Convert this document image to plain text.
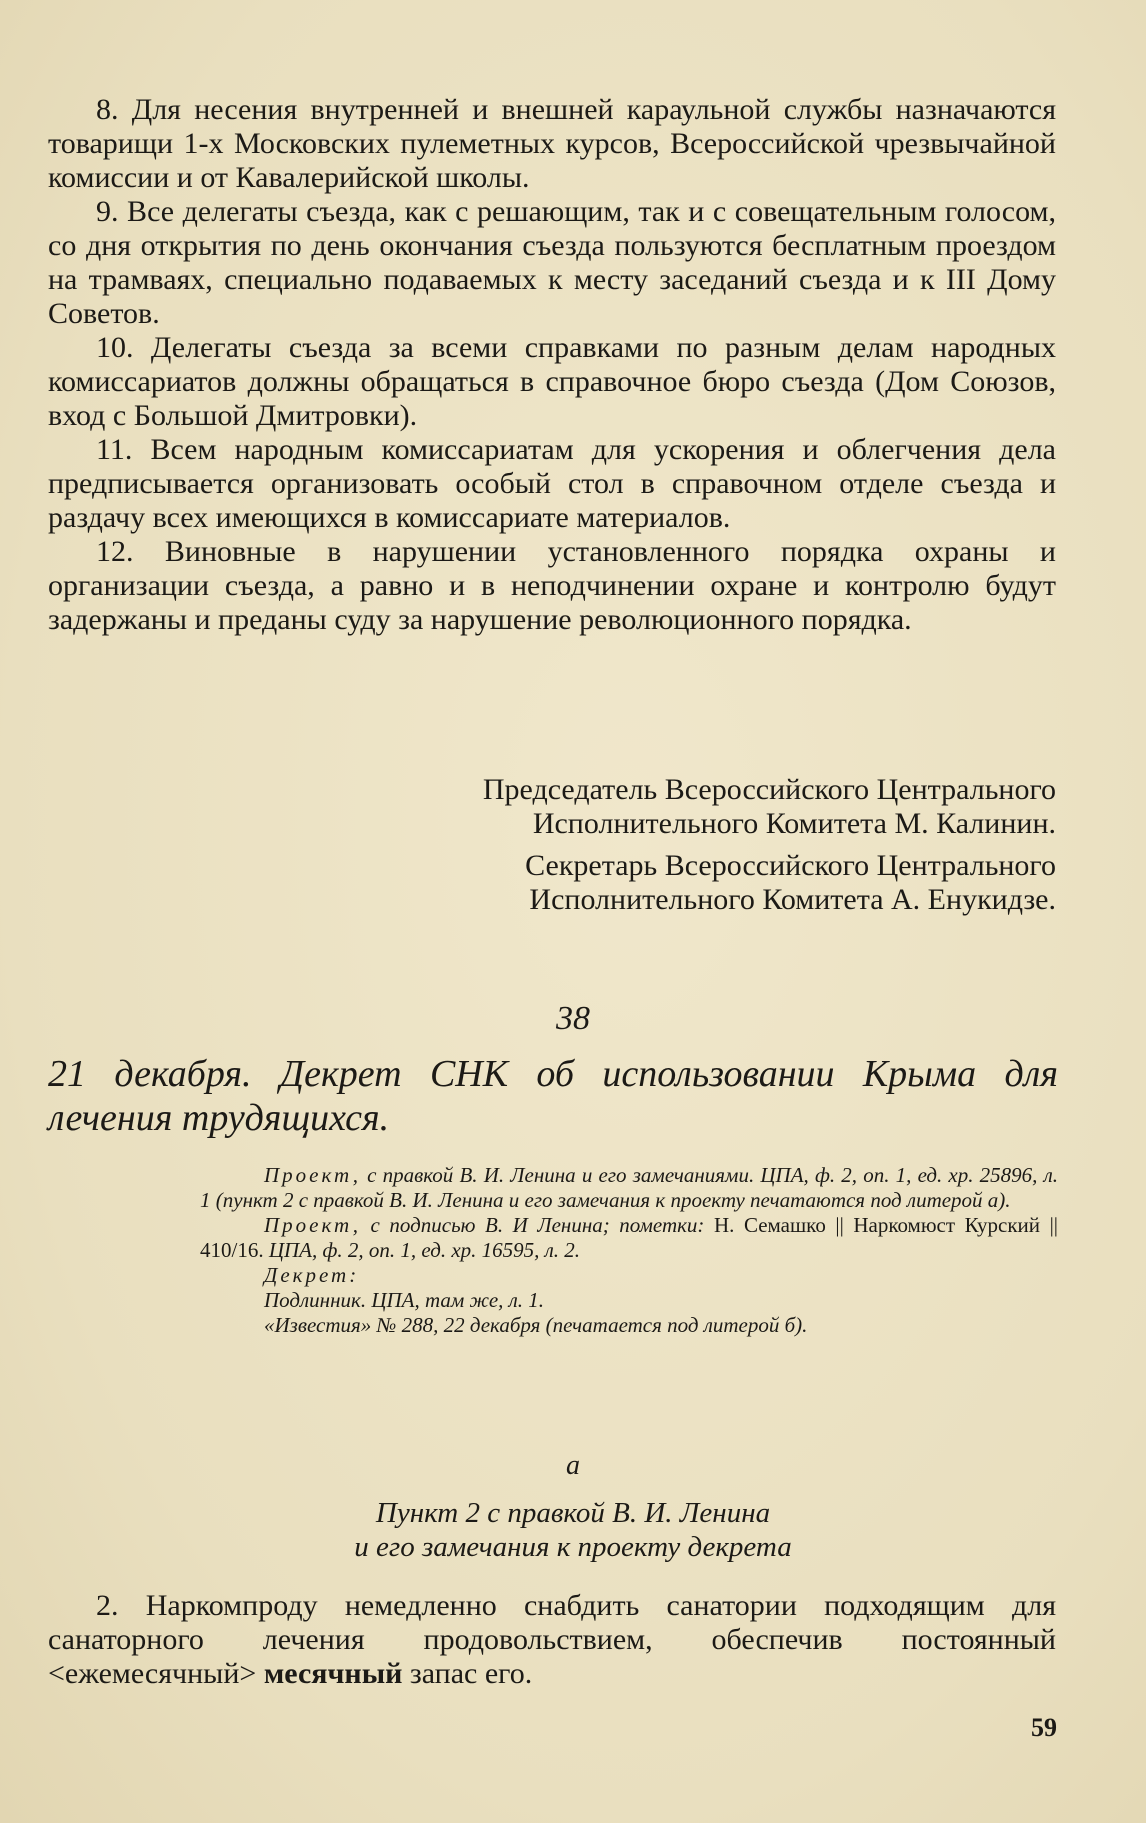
8. Для несения внутренней и внешней караульной службы назначаются товарищи 1-х Московских пулеметных курсов, Всероссийской чрезвычайной комиссии и от Кавалерийской школы.

9. Все делегаты съезда, как с решающим, так и с совещательным голосом, со дня открытия по день окончания съезда пользуются бесплатным проездом на трамваях, специально подаваемых к месту заседаний съезда и к III Дому Советов.

10. Делегаты съезда за всеми справками по разным делам народных комиссариатов должны обращаться в справочное бюро съезда (Дом Союзов, вход с Большой Дмитровки).

11. Всем народным комиссариатам для ускорения и облегчения дела предписывается организовать особый стол в справочном отделе съезда и раздачу всех имеющихся в комиссариате материалов.

12. Виновные в нарушении установленного порядка охраны и организации съезда, а равно и в неподчинении охране и контролю будут задержаны и преданы суду за нарушение революционного порядка.

Председатель Всероссийского Центрального
Исполнительного Комитета М. Калинин.

Секретарь Всероссийского Центрального
Исполнительного Комитета А. Енукидзе.

38

21 декабря. Декрет СНК об использовании Крыма для лечения трудящихся.

Проект, с правкой В. И. Ленина и его замечаниями. ЦПА, ф. 2, оп. 1, ед. хр. 25896, л. 1 (пункт 2 с правкой В. И. Ленина и его замечания к проекту печатаются под литерой а).

Проект, с подписью В. И Ленина; пометки: Н. Семашко || Наркомюст Курский || 410/16. ЦПА, ф. 2, оп. 1, ед. хр. 16595, л. 2.

Декрет:

Подлинник. ЦПА, там же, л. 1.

«Известия» № 288, 22 декабря (печатается под литерой б).

а
Пункт 2 с правкой В. И. Ленина
и его замечания к проекту декрета

2. Наркомпроду немедленно снабдить санатории подходящим для санаторного лечения продовольствием, обеспечив постоянный <ежемесячный> месячный запас его.

59
